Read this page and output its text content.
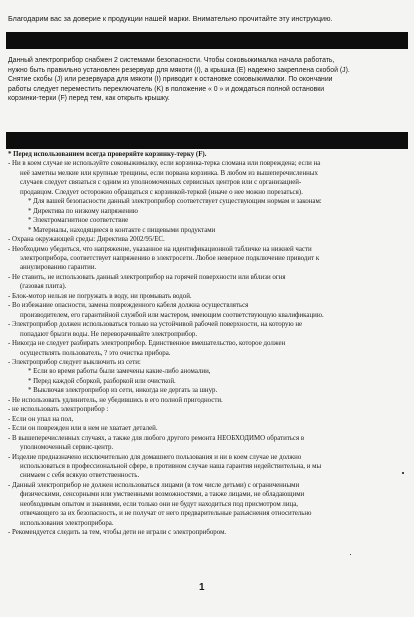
Благодарим вас за доверие к продукции нашей марки. Внимательно прочитайте эту инструкцию.
Данный электроприбор снабжен 2 системами безопасности. Чтобы соковыжималка начала работать,
нужно быть правильно установлен резервуар для мякоти (I), а крышка (E) надежно закреплена скобой (J).
Снятие скобы (J) или резервуара для мякоти (I) приводит к остановке соковыжималки. По окончании
работы следует переместить переключатель (K) в положение « 0 » и дождаться полной остановки
корзинки-терки (F) перед тем, как открыть крышку.
* Перед использованием всегда проверяйте корзинку-терку (F).
- Ни в коем случае не используйте соковыжималку, если корзинка-терка сломана или повреждена; если на
неё заметны мелкие или крупные трещины, если порвана корзинка. В любом из вышеперечисленных
случаев следует связаться с одним из уполномоченных сервисных центров или с организацией-
продавцом. Следует осторожно обращаться с корзинкой-теркой (иначе о нее можно порезаться).
* Для вашей безопасности данный электроприбор соответствует существующим нормам и законам:
* Директива по низкому напряжению
* Электромагнитное соответствие
* Материалы, находящиеся в контакте с пищевыми продуктами
- Охрана окружающей среды: Директива 2002/95/ЕС.
- Необходимо убедиться, что напряжение, указанное на идентификационной табличке на нижней части
электроприбора, соответствует напряжению в электросети. Любое неверное подключение приводит к
аннулированию гарантии.
- Не ставить, не использовать данный электроприбор на горячей поверхности или вблизи огня
(газовая плита).
- Блок-мотор нельзя не погружать в воду, ни промывать водой.
- Во избежание опасности, замена поврежденного кабеля должна осуществляться
производителем, его гарантийной службой или мастером, имеющим соответствующую квалификацию.
- Электроприбор должен использоваться только на устойчивой рабочей поверхности, на которую не
попадают брызги воды. Не переворачивайте электроприбор.
- Никогда не следует разбирать электроприбор. Единственное вмешательство, которое должен
осуществлять пользователь, ? это очистка прибора.
- Электроприбор следует выключить из сети:
* Если во время работы были замечены какие-либо аномалии,
* Перед каждой сборкой, разборкой или очисткой.
* Выключая электроприбор из сети, никогда не дергать за шнур.
- Не использовать удлинитель, не убедившись в его полной пригодности.
- не использовать электроприбор :
- Если он упал на пол,
- Если он поврежден или в нем не хватает деталей.
- В вышеперечисленных случаях, а также для любого другого ремонта НЕОБХОДИМО обратиться в
уполномоченный сервис-центр.
- Изделие предназначено исключительно для домашнего пользования и ни в коем случае не должно
использоваться в профессиональной сфере, в противном случае наша гарантия недействительна, и мы
снимаем с себя всякую ответственность.
- Данный электроприбор не должен использоваться лицами (в том числе детьми) с ограниченными
физическими, сенсорными или умственными возможностями, а также лицами, не обладающими
необходимым опытом и знаниями, если только они не будут находиться под присмотром лица,
отвечающего за их безопасность, и не получат от него предварительные разъяснения относительно
использования электроприбора.
- Рекомендуется следить за тем, чтобы дети не играли с электроприбором.
1
